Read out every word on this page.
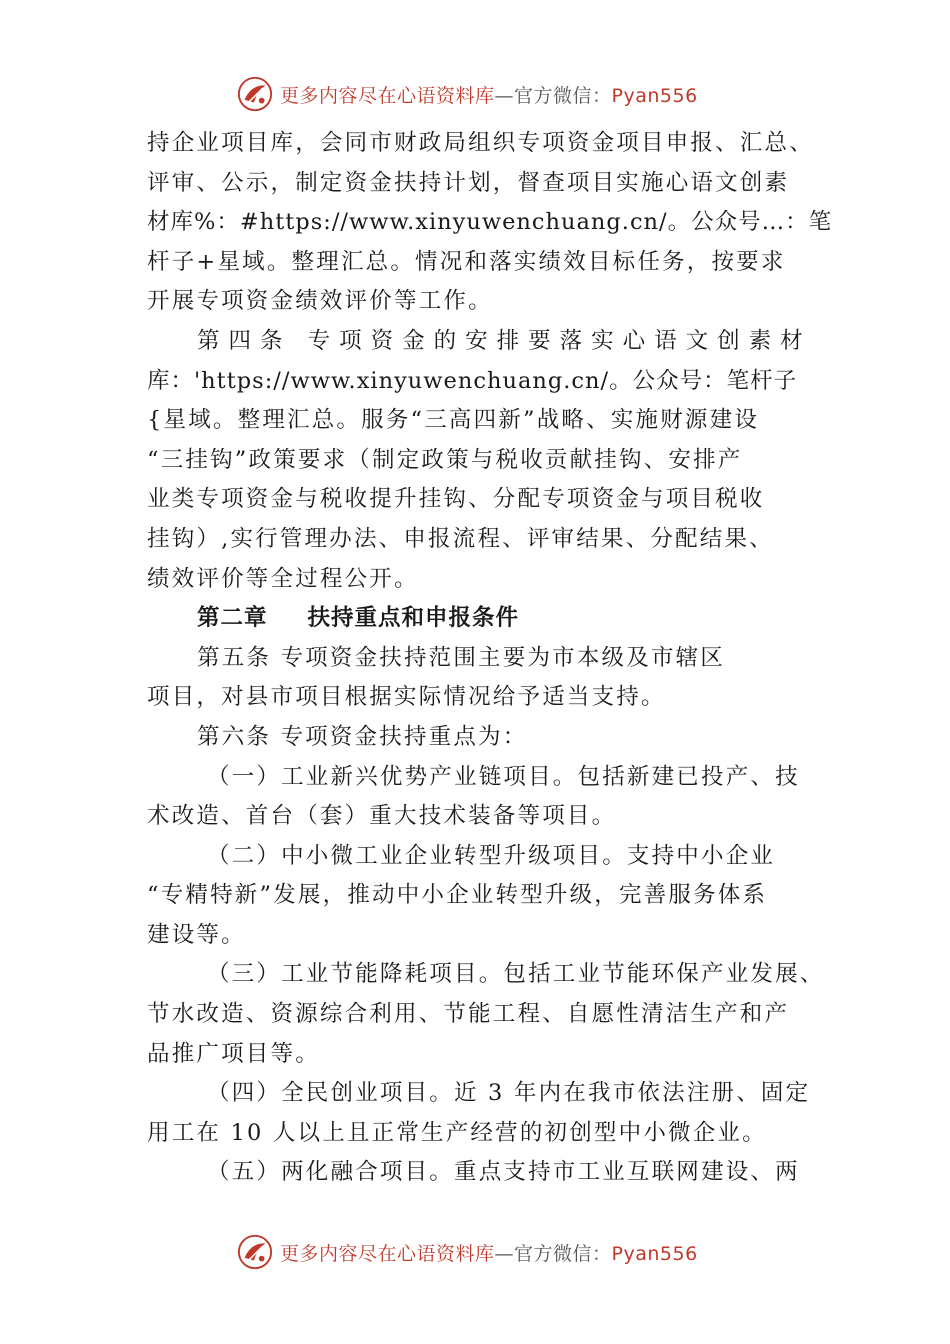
更多内容尽在心语资料库—官方微信：Pyan556
持企业项目库，会同市财政局组织专项资金项目申报、汇总、
评审、公示，制定资金扶持计划，督查项目实施心语文创素
材库%：#https://www.xinyuwenchuang.cn/。公众号…：笔
杆子+星域。整理汇总。情况和落实绩效目标任务，按要求
开展专项资金绩效评价等工作。
第四条 专项资金的安排要落实心语文创素材
库：'https://www.xinyuwenchuang.cn/。公众号：笔杆子
{星域。整理汇总。服务“三高四新”战略、实施财源建设
“三挂钩”政策要求（制定政策与税收贡献挂钩、安排产
业类专项资金与税收提升挂钩、分配专项资金与项目税收
挂钩）,实行管理办法、申报流程、评审结果、分配结果、
绩效评价等全过程公开。
第二章 扶持重点和申报条件
第五条 专项资金扶持范围主要为市本级及市辖区
项目，对县市项目根据实际情况给予适当支持。
第六条 专项资金扶持重点为：
（一）工业新兴优势产业链项目。包括新建已投产、技
术改造、首台（套）重大技术装备等项目。
（二）中小微工业企业转型升级项目。支持中小企业
“专精特新”发展，推动中小企业转型升级，完善服务体系
建设等。
（三）工业节能降耗项目。包括工业节能环保产业发展、
节水改造、资源综合利用、节能工程、自愿性清洁生产和产
品推广项目等。
（四）全民创业项目。近 3 年内在我市依法注册、固定
用工在 10 人以上且正常生产经营的初创型中小微企业。
（五）两化融合项目。重点支持市工业互联网建设、两
更多内容尽在心语资料库—官方微信：Pyan556
